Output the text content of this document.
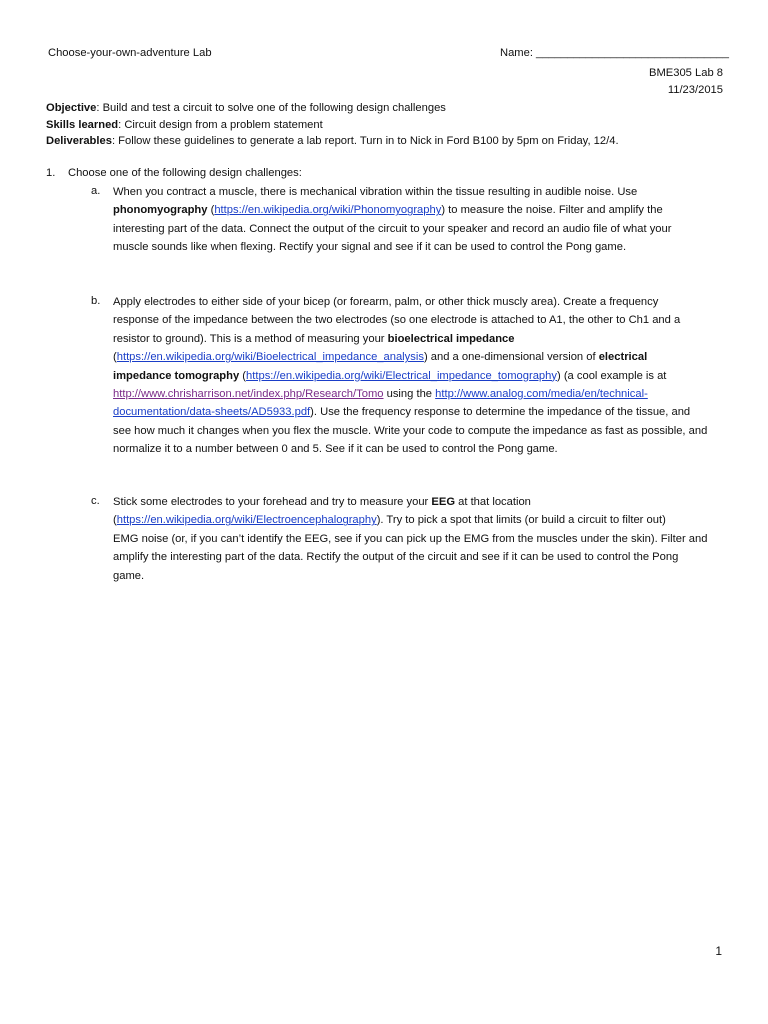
Choose-your-own-adventure Lab	Name: _______________________________
BME305 Lab 8
11/23/2015
Objective: Build and test a circuit to solve one of the following design challenges
Skills learned: Circuit design from a problem statement
Deliverables: Follow these guidelines to generate a lab report. Turn in to Nick in Ford B100 by 5pm on Friday, 12/4.
1. Choose one of the following design challenges:
a. When you contract a muscle, there is mechanical vibration within the tissue resulting in audible noise. Use
phonomyography (https://en.wikipedia.org/wiki/Phonomyography) to measure the noise. Filter and amplify the
interesting part of the data. Connect the output of the circuit to your speaker and record an audio file of what your
muscle sounds like when flexing. Rectify your signal and see if it can be used to control the Pong game.
b. Apply electrodes to either side of your bicep (or forearm, palm, or other thick muscly area). Create a frequency
response of the impedance between the two electrodes (so one electrode is attached to A1, the other to Ch1 and a
resistor to ground). This is a method of measuring your bioelectrical impedance
(https://en.wikipedia.org/wiki/Bioelectrical_impedance_analysis) and a one-dimensional version of electrical
impedance tomography (https://en.wikipedia.org/wiki/Electrical_impedance_tomography) (a cool example is at
http://www.chrisharrison.net/index.php/Research/Tomo using the http://www.analog.com/media/en/technical-
documentation/data-sheets/AD5933.pdf). Use the frequency response to determine the impedance of the tissue, and
see how much it changes when you flex the muscle. Write your code to compute the impedance as fast as possible, and
normalize it to a number between 0 and 5. See if it can be used to control the Pong game.
c. Stick some electrodes to your forehead and try to measure your EEG at that location
(https://en.wikipedia.org/wiki/Electroencephalography). Try to pick a spot that limits (or build a circuit to filter out)
EMG noise (or, if you can’t identify the EEG, see if you can pick up the EMG from the muscles under the skin). Filter and
amplify the interesting part of the data. Rectify the output of the circuit and see if it can be used to control the Pong
game.
1
